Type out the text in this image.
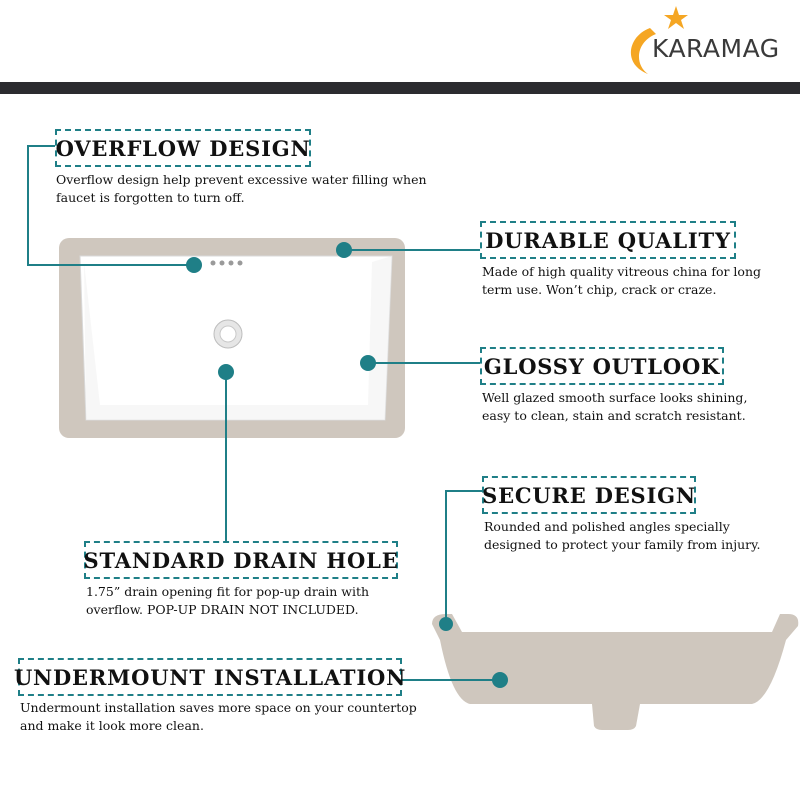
KARAMAG
OVERFLOW DESIGN
Overflow design help prevent excessive water filling when
faucet is forgotten to turn off.
DURABLE QUALITY
Made of high quality vitreous china for long
term use. Won’t chip, crack or craze.
GLOSSY OUTLOOK
Well glazed smooth surface looks shining,
easy to clean, stain and scratch resistant.
SECURE DESIGN
Rounded and polished angles specially
designed to protect your family from injury.
STANDARD DRAIN HOLE
1.75” drain opening fit for pop-up drain with
overflow. POP-UP DRAIN NOT INCLUDED.
UNDERMOUNT INSTALLATION
Undermount installation saves more space on your countertop
and make it look more clean.
